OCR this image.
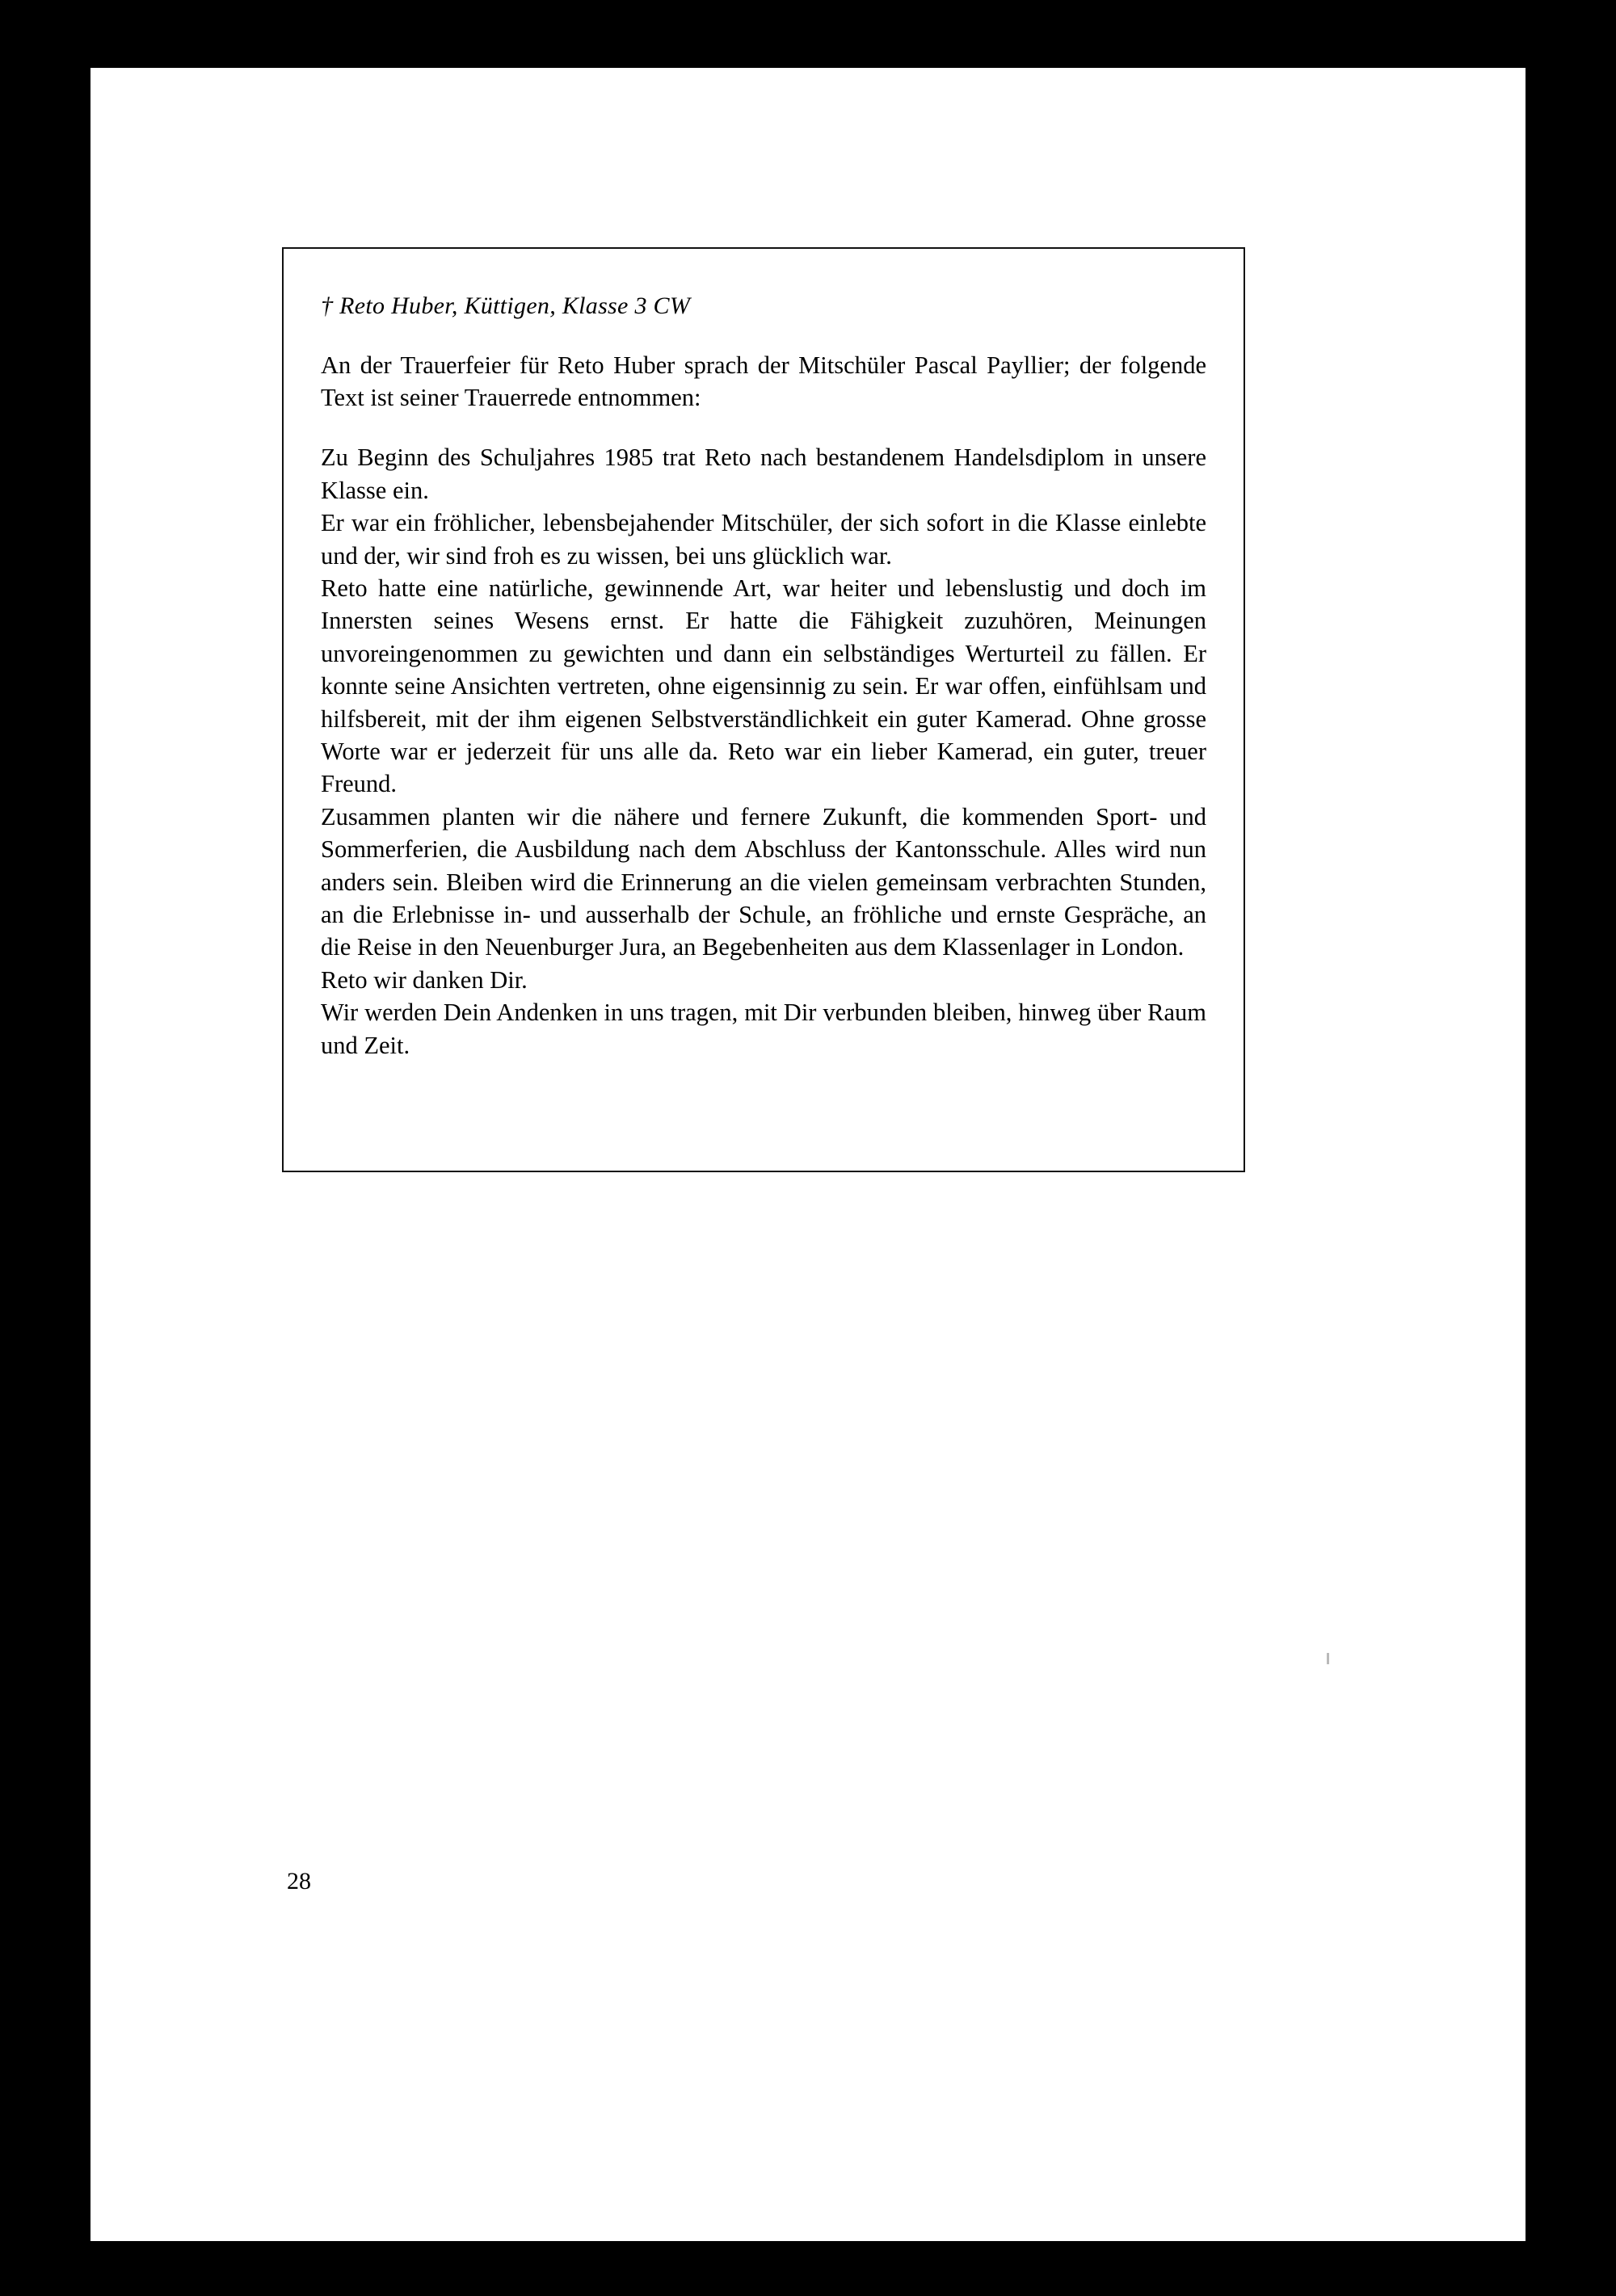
† Reto Huber, Küttigen, Klasse 3 CW

An der Trauerfeier für Reto Huber sprach der Mitschüler Pascal Payllier; der folgende Text ist seiner Trauerrede entnommen:

Zu Beginn des Schuljahres 1985 trat Reto nach bestandenem Handelsdiplom in unsere Klasse ein.

Er war ein fröhlicher, lebensbejahender Mitschüler, der sich sofort in die Klasse einlebte und der, wir sind froh es zu wissen, bei uns glücklich war.

Reto hatte eine natürliche, gewinnende Art, war heiter und lebenslustig und doch im Innersten seines Wesens ernst. Er hatte die Fähigkeit zuzuhören, Meinungen unvoreingenommen zu gewichten und dann ein selbständiges Werturteil zu fällen. Er konnte seine Ansichten vertreten, ohne eigensinnig zu sein. Er war offen, einfühlsam und hilfsbereit, mit der ihm eigenen Selbstverständlichkeit ein guter Kamerad. Ohne grosse Worte war er jederzeit für uns alle da. Reto war ein lieber Kamerad, ein guter, treuer Freund.

Zusammen planten wir die nähere und fernere Zukunft, die kommenden Sport- und Sommerferien, die Ausbildung nach dem Abschluss der Kantonsschule. Alles wird nun anders sein. Bleiben wird die Erinnerung an die vielen gemeinsam verbrachten Stunden, an die Erlebnisse in- und ausserhalb der Schule, an fröhliche und ernste Gespräche, an die Reise in den Neuenburger Jura, an Begebenheiten aus dem Klassenlager in London.

Reto wir danken Dir.

Wir werden Dein Andenken in uns tragen, mit Dir verbunden bleiben, hinweg über Raum und Zeit.

28
